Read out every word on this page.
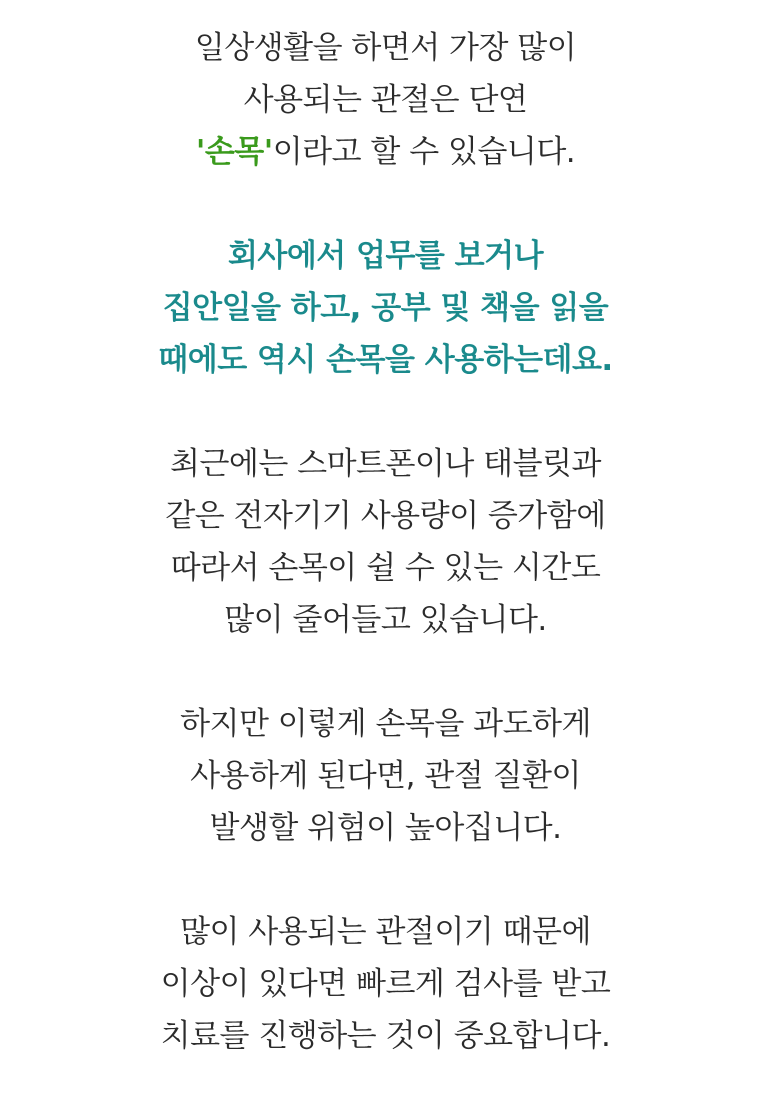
일상생활을 하면서 가장 많이
사용되는 관절은 단연
'손목'이라고 할 수 있습니다.
회사에서 업무를 보거나
집안일을 하고, 공부 및 책을 읽을
때에도 역시 손목을 사용하는데요.
최근에는 스마트폰이나 태블릿과
같은 전자기기 사용량이 증가함에
따라서 손목이 쉴 수 있는 시간도
많이 줄어들고 있습니다.
하지만 이렇게 손목을 과도하게
사용하게 된다면, 관절 질환이
발생할 위험이 높아집니다.
많이 사용되는 관절이기 때문에
이상이 있다면 빠르게 검사를 받고
치료를 진행하는 것이 중요합니다.
